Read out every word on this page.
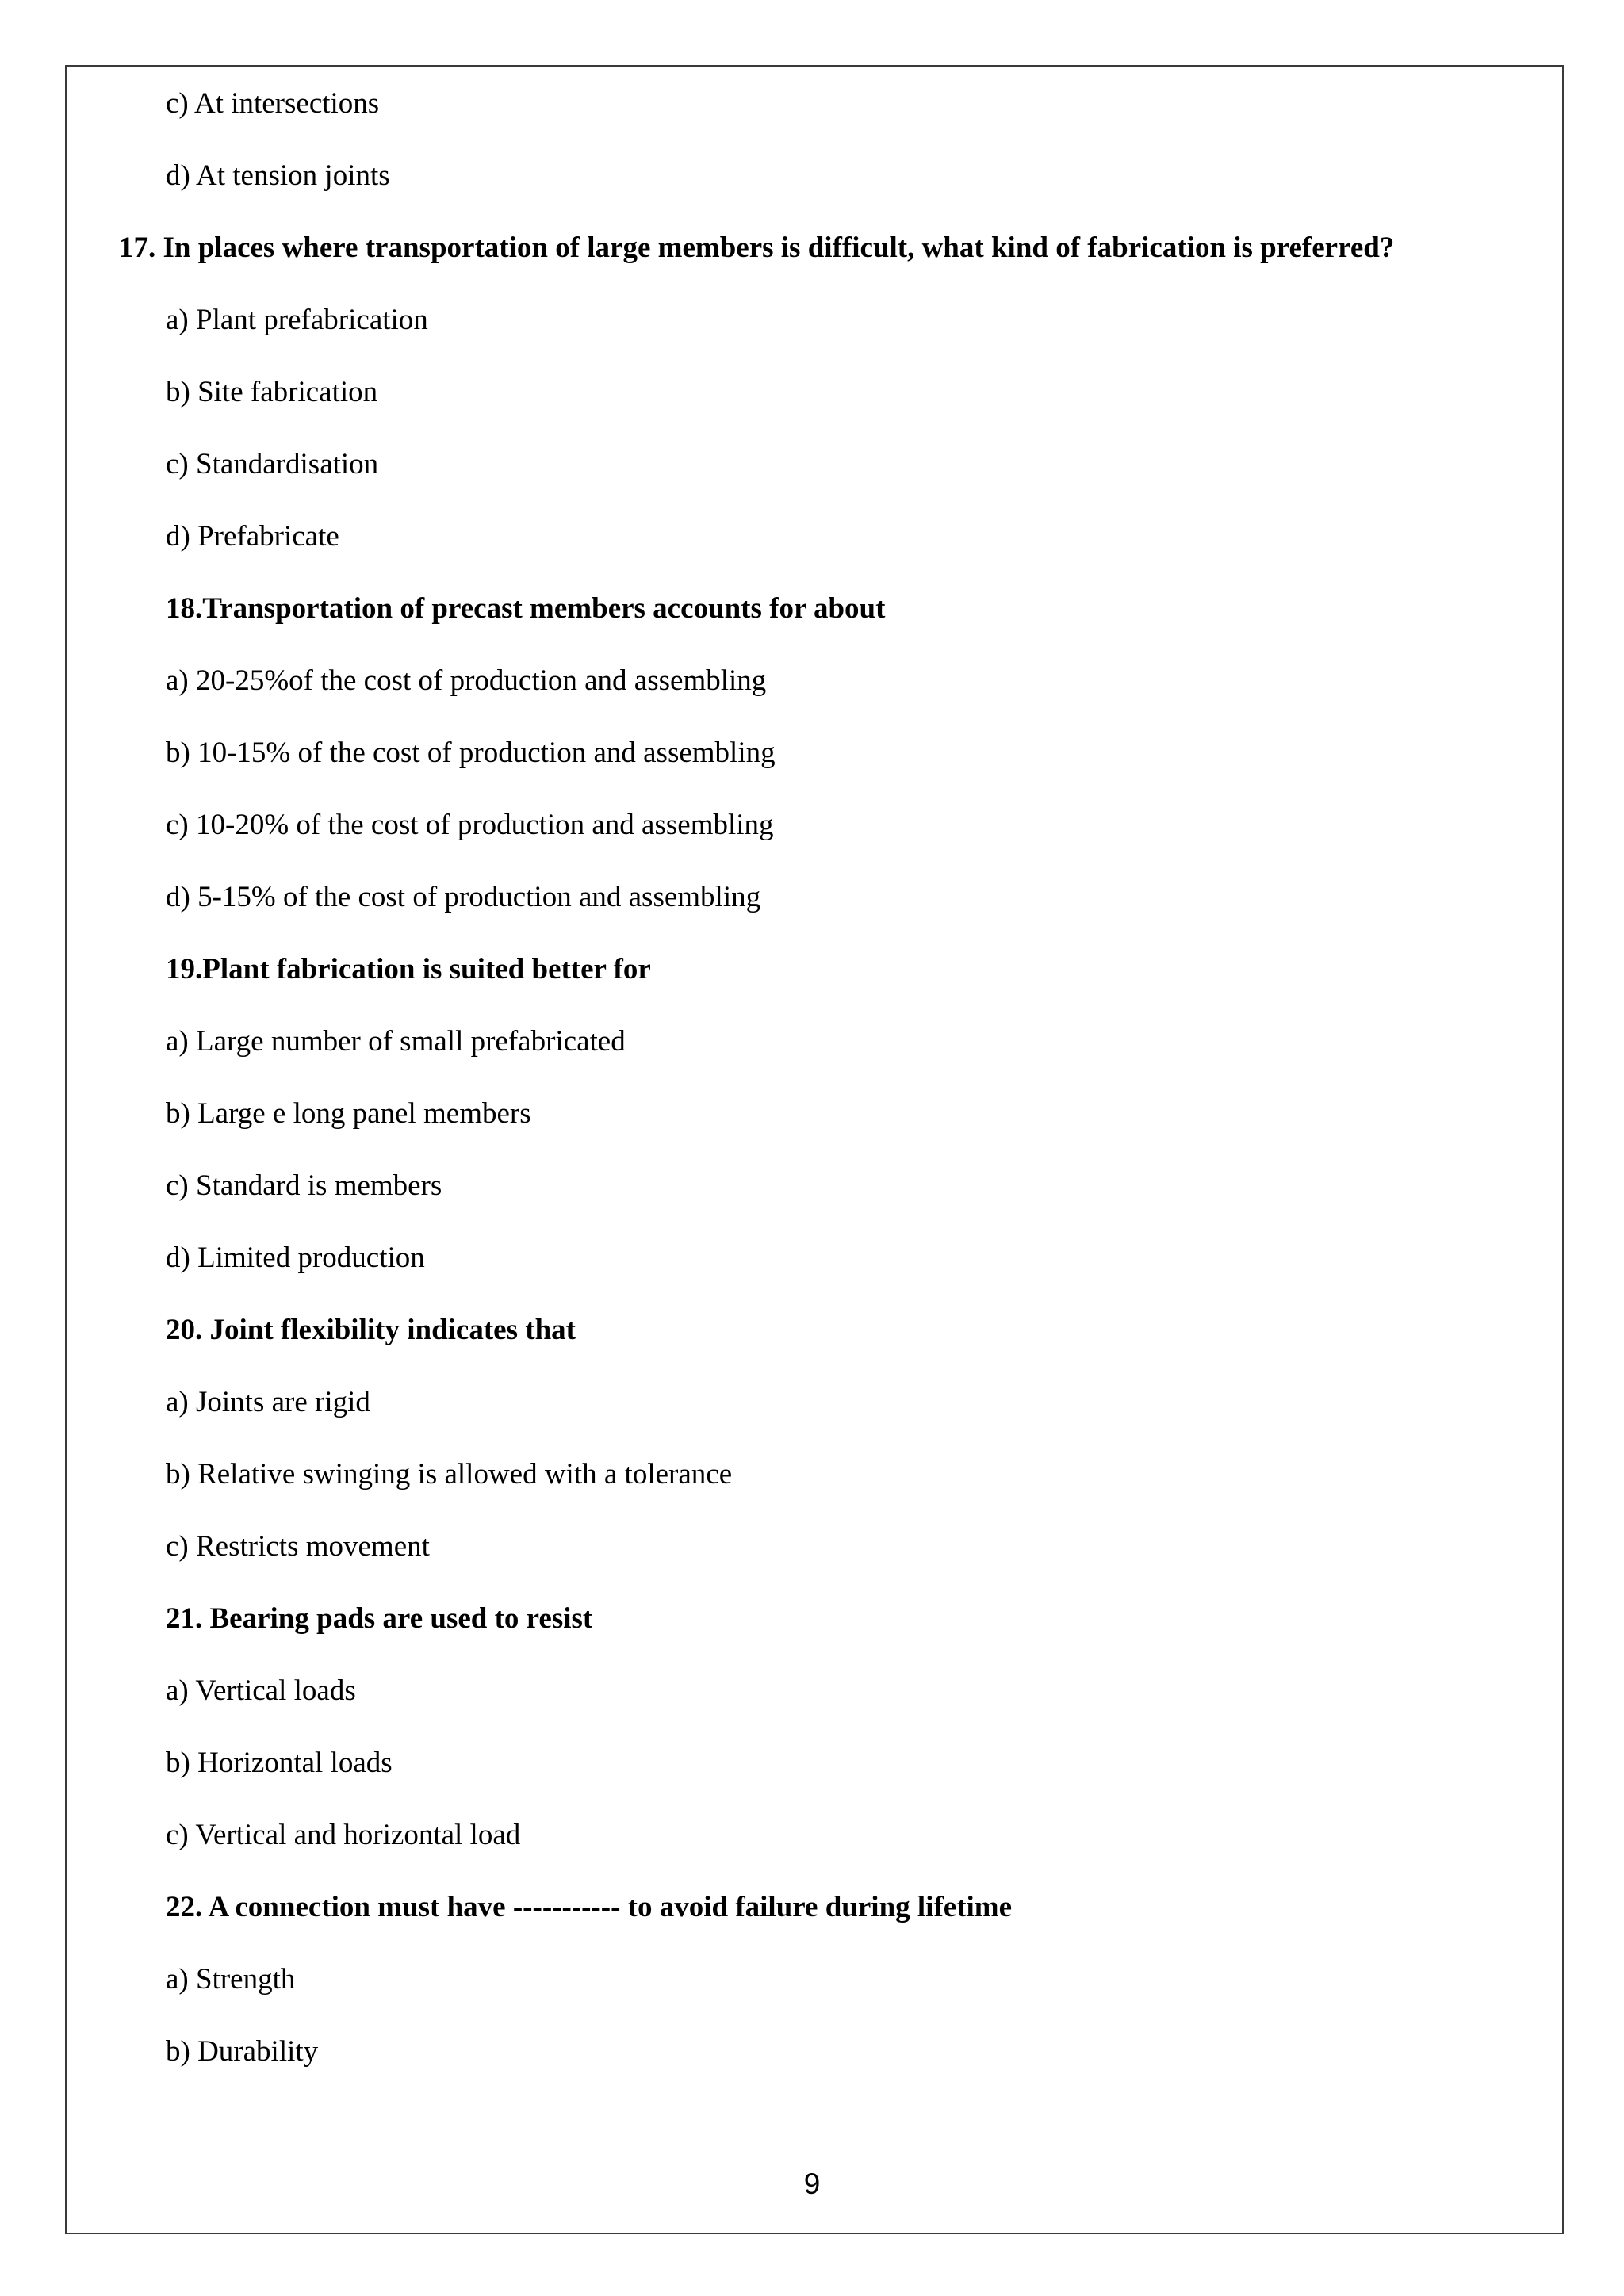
c) At intersections
d) At tension joints
17. In places where transportation of large members is difficult, what kind of fabrication is preferred?
a) Plant prefabrication
b) Site fabrication
c) Standardisation
d) Prefabricate
18.Transportation of precast members accounts for about
a) 20-25%of the cost of production and assembling
b) 10-15% of the cost of production and assembling
c) 10-20% of the cost of production and assembling
d) 5-15% of the cost of production and assembling
19.Plant fabrication is suited better for
a) Large number of small prefabricated
b) Large e long panel members
c) Standard is members
d) Limited production
20. Joint flexibility indicates that
a) Joints are rigid
b) Relative swinging is allowed with a tolerance
c) Restricts movement
21. Bearing pads are used to resist
a) Vertical loads
b) Horizontal loads
c) Vertical and horizontal load
22. A connection must have ----------- to avoid failure during lifetime
a) Strength
b) Durability
9
